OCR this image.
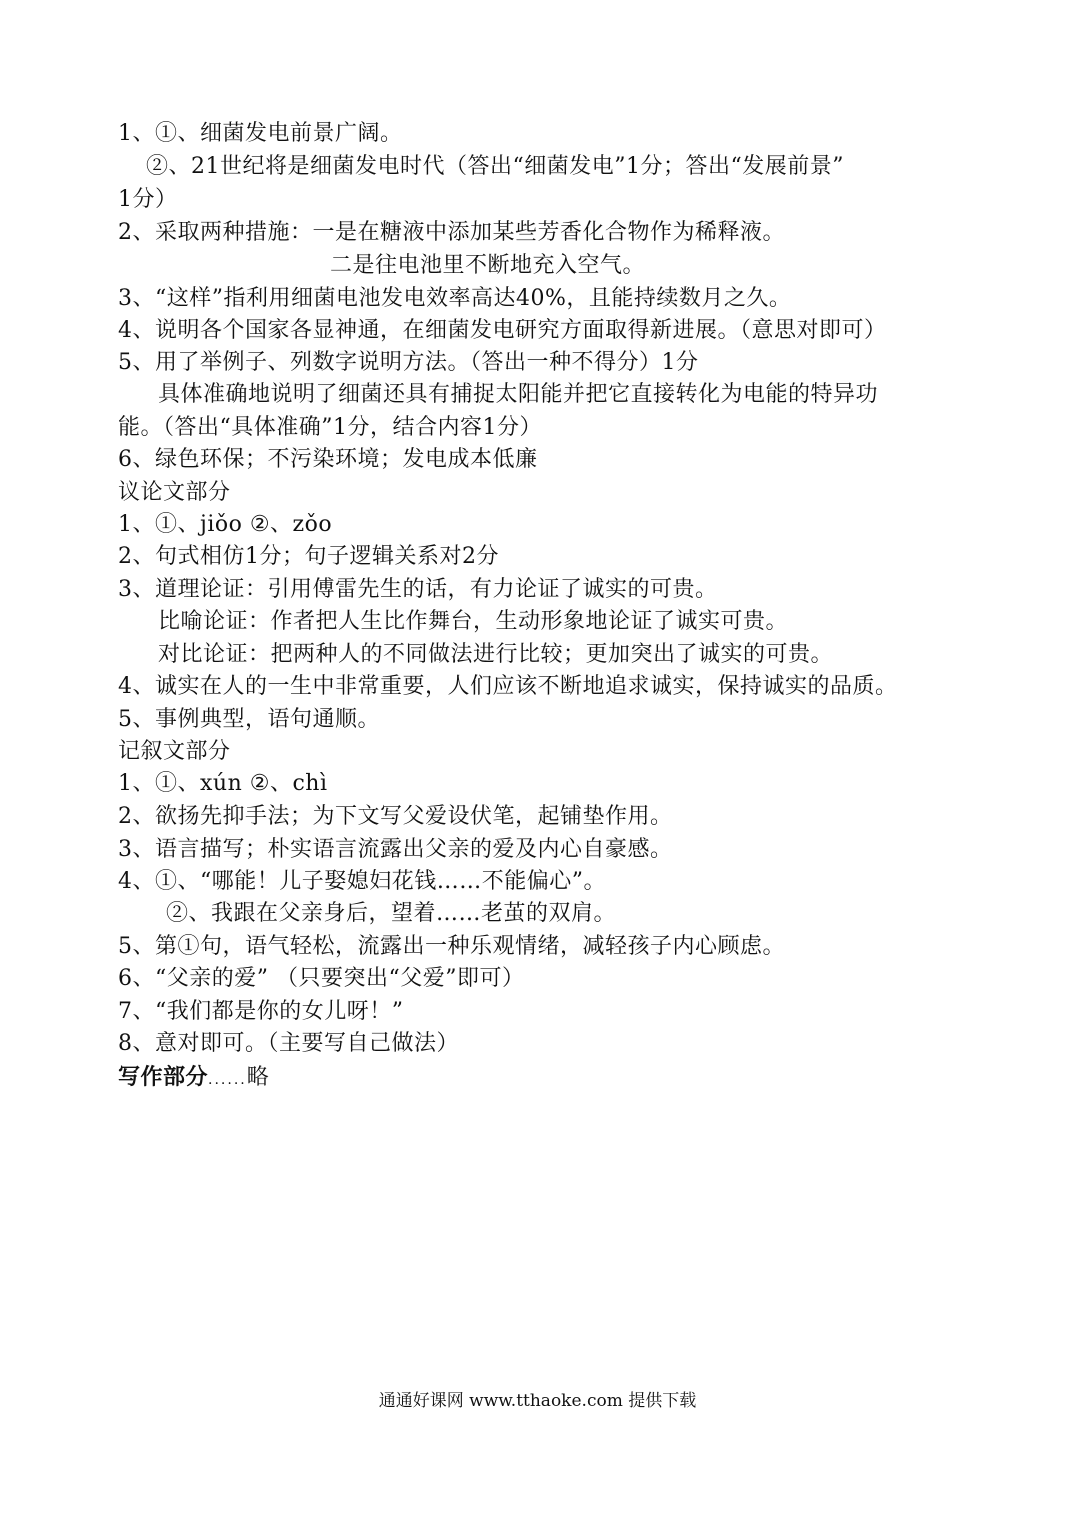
1、①、细菌发电前景广阔。
②、21世纪将是细菌发电时代（答出“细菌发电”1分；答出“发展前景”
1分）
2、采取两种措施：一是在糖液中添加某些芳香化合物作为稀释液。
二是往电池里不断地充入空气。
3、“这样”指利用细菌电池发电效率高达40%，且能持续数月之久。
4、说明各个国家各显神通，在细菌发电研究方面取得新进展。（意思对即可）
5、用了举例子、列数字说明方法。（答出一种不得分）1分
具体准确地说明了细菌还具有捕捉太阳能并把它直接转化为电能的特异功
能。（答出“具体准确”1分，结合内容1分）
6、绿色环保；不污染环境；发电成本低廉
议论文部分
1、①、jiǒo ②、zǒo
2、句式相仿1分；句子逻辑关系对2分
3、道理论证：引用傅雷先生的话，有力论证了诚实的可贵。
比喻论证：作者把人生比作舞台，生动形象地论证了诚实可贵。
对比论证：把两种人的不同做法进行比较；更加突出了诚实的可贵。
4、诚实在人的一生中非常重要，人们应该不断地追求诚实，保持诚实的品质。
5、事例典型，语句通顺。
记叙文部分
1、①、xún ②、chì
2、欲扬先抑手法；为下文写父爱设伏笔，起铺垫作用。
3、语言描写；朴实语言流露出父亲的爱及内心自豪感。
4、①、“哪能！儿子娶媳妇花钱……不能偏心”。
②、我跟在父亲身后，望着……老茧的双肩。
5、第①句，语气轻松，流露出一种乐观情绪，减轻孩子内心顾虑。
6、“父亲的爱” （只要突出“父爱”即可）
7、“我们都是你的女儿呀！”
8、意对即可。（主要写自己做法）
写作部分......略
通通好课网 www.tthaoke.com 提供下载
